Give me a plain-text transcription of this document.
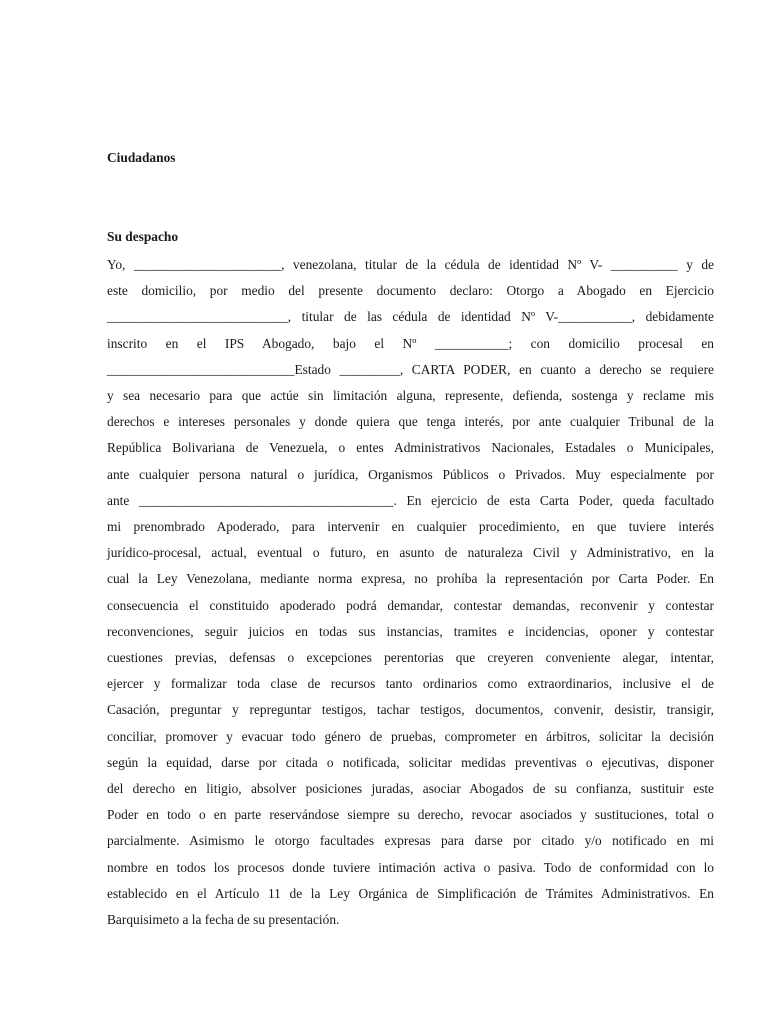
Ciudadanos

Su despacho

Yo, ______________________, venezolana, titular de la cédula de identidad Nº V- __________ y de
este domicilio, por medio del presente documento declaro: Otorgo a Abogado en Ejercicio
___________________________, titular de las cédula de identidad Nº V-___________, debidamente
inscrito en el IPS Abogado, bajo el Nº ___________; con domicilio procesal en
____________________________Estado _________, CARTA PODER, en cuanto a derecho se requiere
y sea necesario para que actúe sin limitación alguna, represente, defienda, sostenga y reclame mis
derechos e intereses personales y donde quiera que tenga interés, por ante cualquier Tribunal de la
República Bolivariana de Venezuela, o entes Administrativos Nacionales, Estadales o Municipales,
ante cualquier persona natural o jurídica, Organismos Públicos o Privados. Muy especialmente por
ante ______________________________________. En ejercicio de esta Carta Poder, queda facultado
mi prenombrado Apoderado, para intervenir en cualquier procedimiento, en que tuviere interés
jurídico-procesal, actual, eventual o futuro, en asunto de naturaleza Civil y Administrativo, en la
cual la Ley Venezolana, mediante norma expresa, no prohíba la representación por Carta Poder. En
consecuencia el constituido apoderado podrá demandar, contestar demandas, reconvenir y contestar
reconvenciones, seguir juicios en todas sus instancias, tramites e incidencias, oponer y contestar
cuestiones previas, defensas o excepciones perentorias que creyeren conveniente alegar, intentar,
ejercer y formalizar toda clase de recursos tanto ordinarios como extraordinarios, inclusive el de
Casación, preguntar y repreguntar testigos, tachar testigos, documentos, convenir, desistir, transigir,
conciliar, promover y evacuar todo género de pruebas, comprometer en árbitros, solicitar la decisión
según la equidad, darse por citada o notificada, solicitar medidas preventivas o ejecutivas, disponer
del derecho en litigio, absolver posiciones juradas, asociar Abogados de su confianza, sustituir este
Poder en todo o en parte reservándose siempre su derecho, revocar asociados y sustituciones, total o
parcialmente. Asimismo le otorgo facultades expresas para darse por citado y/o notificado en mi
nombre en todos los procesos donde tuviere intimación activa o pasiva. Todo de conformidad con lo
establecido en el Artículo 11 de la Ley Orgánica de Simplificación de Trámites Administrativos. En
Barquisimeto a la fecha de su presentación.
